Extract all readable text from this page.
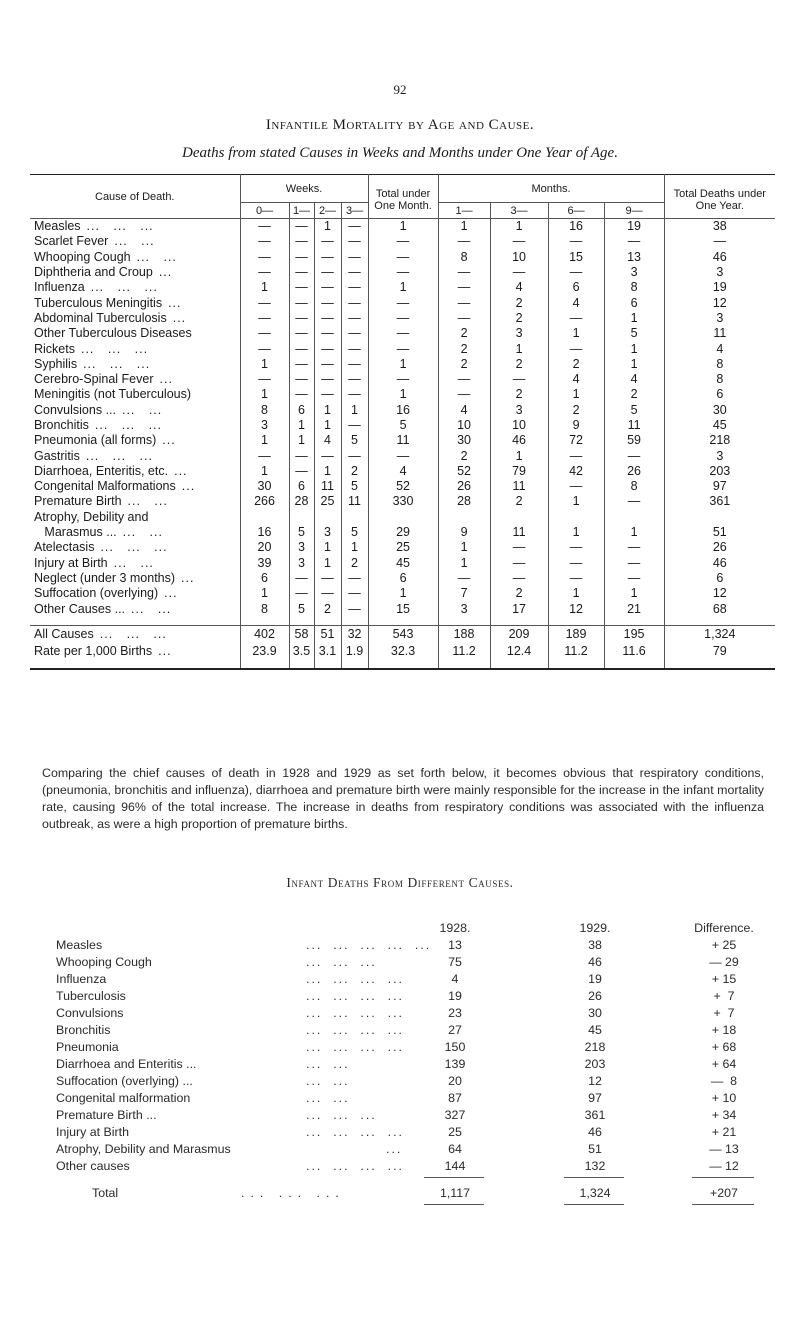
92
Infantile Mortality by Age and Cause.
Deaths from stated Causes in Weeks and Months under One Year of Age.
Cause of Death.	Weeks.				Total under One Month.	Months.				Total Deaths under One Year.
	0—	1—	2—	3—		1—	3—	6—	9—	
Measles ...   ...   ...	—	—	1	—	1	1	1	16	19	38
Scarlet Fever ...   ...	—	—	—	—	—	—	—	—	—	—
Whooping Cough ...   ...	—	—	—	—	—	8	10	15	13	46
Diphtheria and Croup ...	—	—	—	—	—	—	—	—	3	3
Influenza ...   ...   ...	1	—	—	—	1	—	4	6	8	19
Tuberculous Meningitis ...	—	—	—	—	—	—	2	4	6	12
Abdominal Tuberculosis ...	—	—	—	—	—	—	2	—	1	3
Other Tuberculous Diseases	—	—	—	—	—	2	3	1	5	11
Rickets ...   ...   ...	—	—	—	—	—	2	1	—	1	4
Syphilis ...   ...   ...	1	—	—	—	1	2	2	2	1	8
Cerebro-Spinal Fever ...	—	—	—	—	—	—	—	4	4	8
Meningitis (not Tuberculous)	1	—	—	—	1	—	2	1	2	6
Convulsions ... ...   ...	8	6	1	1	16	4	3	2	5	30
Bronchitis ...   ...   ...	3	1	1	—	5	10	10	9	11	45
Pneumonia (all forms) ...	1	1	4	5	11	30	46	72	59	218
Gastritis ...   ...   ...	—	—	—	—	—	2	1	—	—	3
Diarrhoea, Enteritis, etc. ...	1	—	1	2	4	52	79	42	26	203
Congenital Malformations ...	30	6	11	5	52	26	11	—	8	97
Premature Birth ...   ...	266	28	25	11	330	28	2	1	—	361
Atrophy, Debility and										
Marasmus ... ...   ...	16	5	3	5	29	9	11	1	1	51
Atelectasis ...   ...   ...	20	3	1	1	25	1	—	—	—	26
Injury at Birth ...   ...	39	3	1	2	45	1	—	—	—	46
Neglect (under 3 months) ...	6	—	—	—	6	—	—	—	—	6
Suffocation (overlying) ...	1	—	—	—	1	7	2	1	1	12
Other Causes ... ...   ...	8	5	2	—	15	3	17	12	21	68

All Causes ...   ...   ...	402	58	51	32	543	188	209	189	195	1,324
Rate per 1,000 Births ...	23.9	3.5	3.1	1.9	32.3	11.2	12.4	11.2	11.6	79

Comparing the chief causes of death in 1928 and 1929 as set forth below, it becomes obvious that respiratory conditions, (pneumonia, bronchitis and influenza), diarrhoea and premature birth were mainly responsible for the increase in the infant mortality rate, causing 96% of the total increase. The increase in deaths from respiratory conditions was associated with the influenza outbreak, as were a high proportion of premature births.
Infant Deaths From Different Causes.
1928.	1929.	Difference.
Measles	...  ...  ...  ...  ...	13	38	+ 25
Whooping Cough	...  ...  ...	75	46	— 29
Influenza	...  ...  ...  ...	4	19	+ 15
Tuberculosis	...  ...  ...  ...	19	26	+  7
Convulsions	...  ...  ...  ...	23	30	+  7
Bronchitis	...  ...  ...  ...	27	45	+ 18
Pneumonia	...  ...  ...  ...	150	218	+ 68
Diarrhoea and Enteritis ...	...  ...	139	203	+ 64
Suffocation (overlying) ...	...  ...	20	12	—  8
Congenital malformation	...  ...	87	97	+ 10
Premature Birth ...	...  ...  ...	327	361	+ 34
Injury at Birth	...  ...  ...  ...	25	46	+ 21
Atrophy, Debility and Marasmus	...	64	51	— 13
Other causes	...  ...  ...  ...	144	132	— 12
Total	... ... ...	1,117	1,324	+207
